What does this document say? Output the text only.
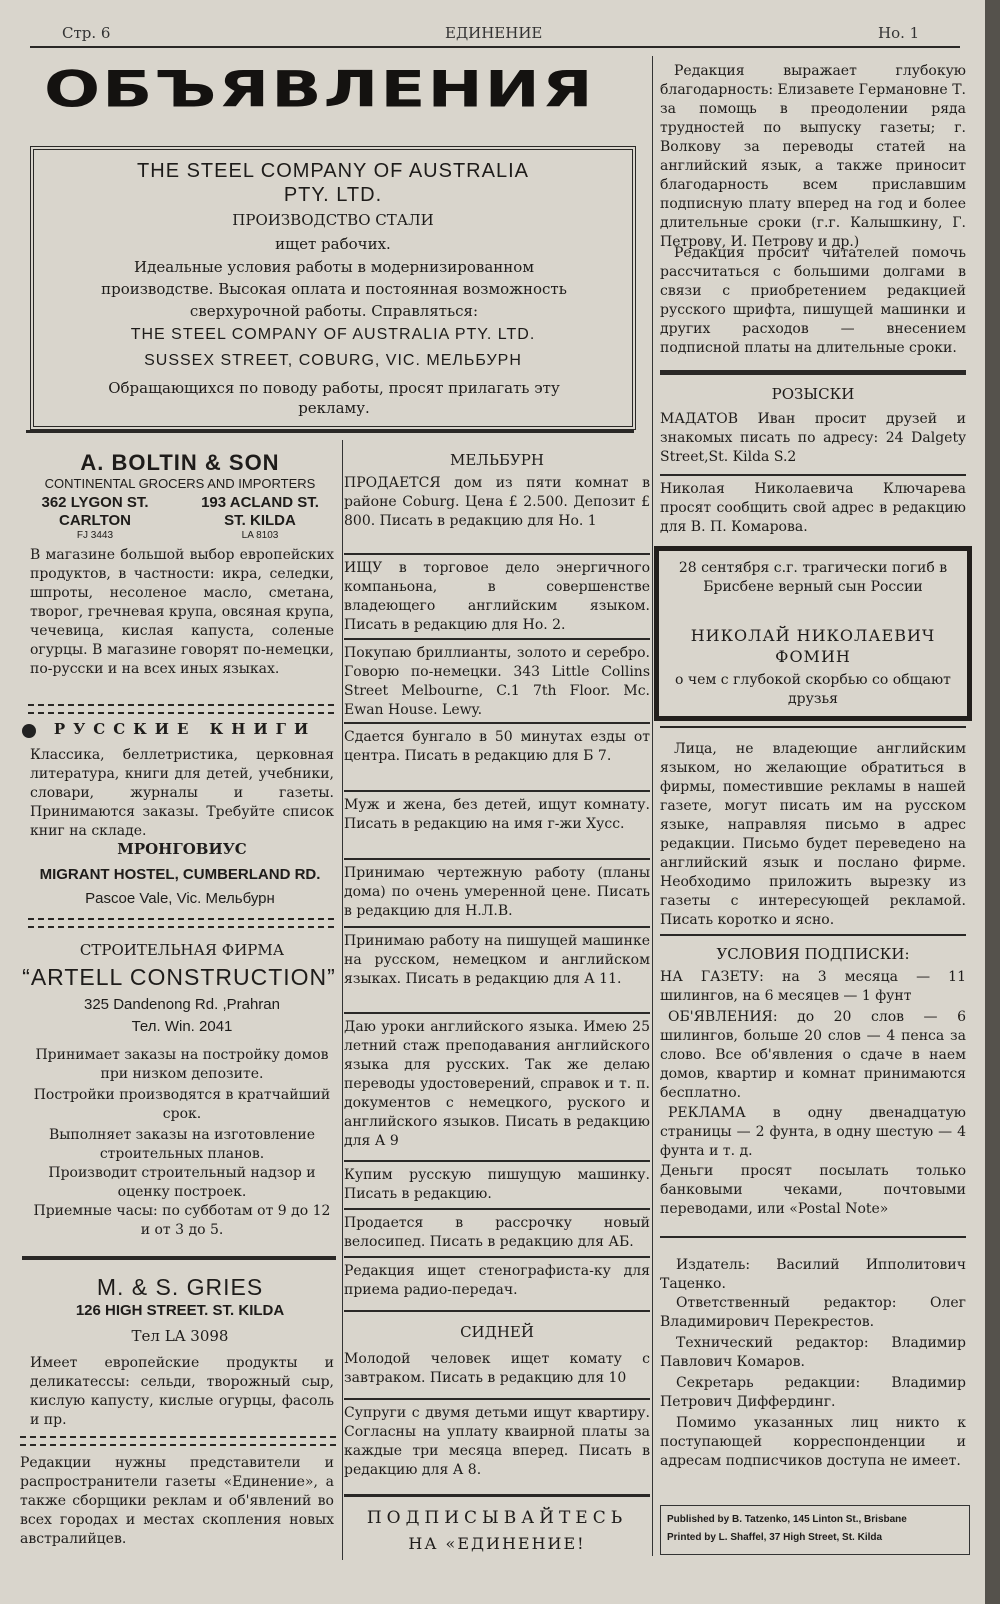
Стр. 6	ЕДИНЕНИЕ	Но. 1
ОБЪЯВЛЕНИЯ
THE STEEL COMPANY OF AUSTRALIA
PTY. LTD.
ПРОИЗВОДСТВО СТАЛИ
ищет рабочих.
Идеальные условия работы в модернизированном производстве. Высокая оплата и постоянная возможность сверхурочной работы. Справляться:
THE STEEL COMPANY OF AUSTRALIA PTY. LTD.
SUSSEX STREET, COBURG, VIC. МЕЛЬБУРН
Обращающихся по поводу работы, просят прилагать эту рекламу.
A. BOLTIN & SON
CONTINENTAL GROCERS AND IMPORTERS
362 LYGON ST.
CARLTON
FJ 3443
193 ACLAND ST.
ST. KILDA
LA 8103
В магазине большой выбор европейских продуктов, в частности: икра, селедки, шпроты, несоленое масло, сметана, творог, гречневая крупа, овсяная крупа, чечевица, кислая капуста, соленые огурцы. В магазине говорят по-немецки, по-русски и на всех иных языках.
РУССКИЕ КНИГИ
Классика, беллетристика, церковная литература, книги для детей, учебники, словари, журналы и газеты. Принимаются заказы. Требуйте список книг на складе.
МРОНГОВИУС
MIGRANT HOSTEL, CUMBERLAND RD.
Pascoe Vale, Vic. Мельбурн
СТРОИТЕЛЬНАЯ ФИРМА
“ARTELL CONSTRUCTION”
325 Dandenong Rd. ,Prahran
Тел. Win. 2041
Принимает заказы на постройку домов при низком депозите.
Постройки производятся в кратчайший срок.
Выполняет заказы на изготовление строительных планов.
Производит строительный надзор и оценку построек.
Приемные часы: по субботам от 9 до 12 и от 3 до 5.
M. & S. GRIES
126 HIGH STREET. ST. KILDA
Тел LA 3098
Имеет европейские продукты и деликатессы: сельди, творожный сыр, кислую капусту, кислые огурцы, фасоль и пр.
Редакции нужны представители и распространители газеты «Единение», а также сборщики реклам и об'явлений во всех городах и местах скопления новых австралийцев.
МЕЛЬБУРН
ПРОДАЕТСЯ дом из пяти комнат в районе Coburg. Цена £ 2.500. Депозит £ 800. Писать в редакцию для Но. 1
ИЩУ в торговое дело энергичного компаньона, в совершенстве владеющего английским языком. Писать в редакцию для Но. 2.
Покупаю бриллианты, золото и серебро. Говорю по-немецки. 343 Little Collins Street Melbourne, C.1 7th Floor. Mc. Ewan House. Lewy.
Сдается бунгало в 50 минутах езды от центра. Писать в редакцию для Б 7.
Муж и жена, без детей, ищут комнату. Писать в редакцию на имя г-жи Хусс.
Принимаю чертежную работу (планы дома) по очень умеренной цене. Писать в редакцию для Н.Л.В.
Принимаю работу на пишущей машинке на русском, немецком и английском языках. Писать в редакцию для А 11.
Даю уроки английского языка. Имею 25 летний стаж преподавания английского языка для русских. Так же делаю переводы удостоверений, справок и т. п. документов с немецкого, руского и английского языков. Писать в редакцию для А 9
Купим русскую пишущую машинку. Писать в редакцию.
Продается в рассрочку новый велосипед. Писать в редакцию для АБ.
Редакция ищет стенографиста-ку для приема радио-передач.
СИДНЕЙ
Молодой человек ищет комату с завтраком. Писать в редакцию для 10
Супруги с двумя детьми ищут квартиру. Согласны на уплату кваирной платы за каждые три месяца вперед. Писать в редакцию для А 8.
ПОДПИСЫВАЙТЕСЬ
НА «ЕДИНЕНИЕ!
Редакция выражает глубокую благодарность: Елизавете Германовне Т. за помощь в преодолении ряда трудностей по выпуску газеты; г. Волкову за переводы статей на английский язык, а также приносит благодарность всем приславшим подписную плату вперед на год и более длительные сроки (г.г. Калышкину, Г. Петрову, И. Петрову и др.)
Редакция просит читателей помочь рассчитаться с большими долгами в связи с приобретением редакцией русского шрифта, пишущей машинки и других расходов — внесением подписной платы на длительные сроки.
РОЗЫСКИ
МАДАТОВ Иван просит друзей и знакомых писать по адресу: 24 Dalgety Street,St. Kilda S.2
Николая Николаевича Ключарева просят сообщить свой адрес в редакцию для В. П. Комарова.
28 сентября с.г. трагически погиб в Брисбене верный сын России
НИКОЛАЙ НИКОЛАЕВИЧ ФОМИН
о чем с глубокой скорбью со общают друзья
Лица, не владеющие английским языком, но желающие обратиться в фирмы, поместившие рекламы в нашей газете, могут писать им на русском языке, направляя письмо в адрес редакции. Письмо будет переведено на английский язык и послано фирме. Необходимо приложить вырезку из газеты с интересующей рекламой. Писать коротко и ясно.
УСЛОВИЯ ПОДПИСКИ:
НА ГАЗЕТУ: на 3 месяца — 11 шилингов, на 6 месяцев — 1 фунт
ОБ'ЯВЛЕНИЯ: до 20 слов — 6 шилингов, больше 20 слов — 4 пенса за слово. Все об'явления о сдаче в наем домов, квартир и комнат принимаются бесплатно.
РЕКЛАМА в одну двенадцатую страницы — 2 фунта, в одну шестую — 4 фунта и т. д.
Деньги просят посылать только банковыми чеками, почтовыми переводами, или «Postal Note»
Издатель: Василий Ипполитович Таценко.
Ответственный редактор: Олег Владимирович Перекрестов.
Технический редактор: Владимир Павлович Комаров.
Секретарь редакции: Владимир Петрович Диффердинг.
Помимо указанных лиц никто к поступающей корреспонденции и адресам подписчиков доступа не имеет.
Published by B. Tatzenko, 145 Linton St., Brisbane
Printed by L. Shaffel, 37 High Street, St. Kilda
